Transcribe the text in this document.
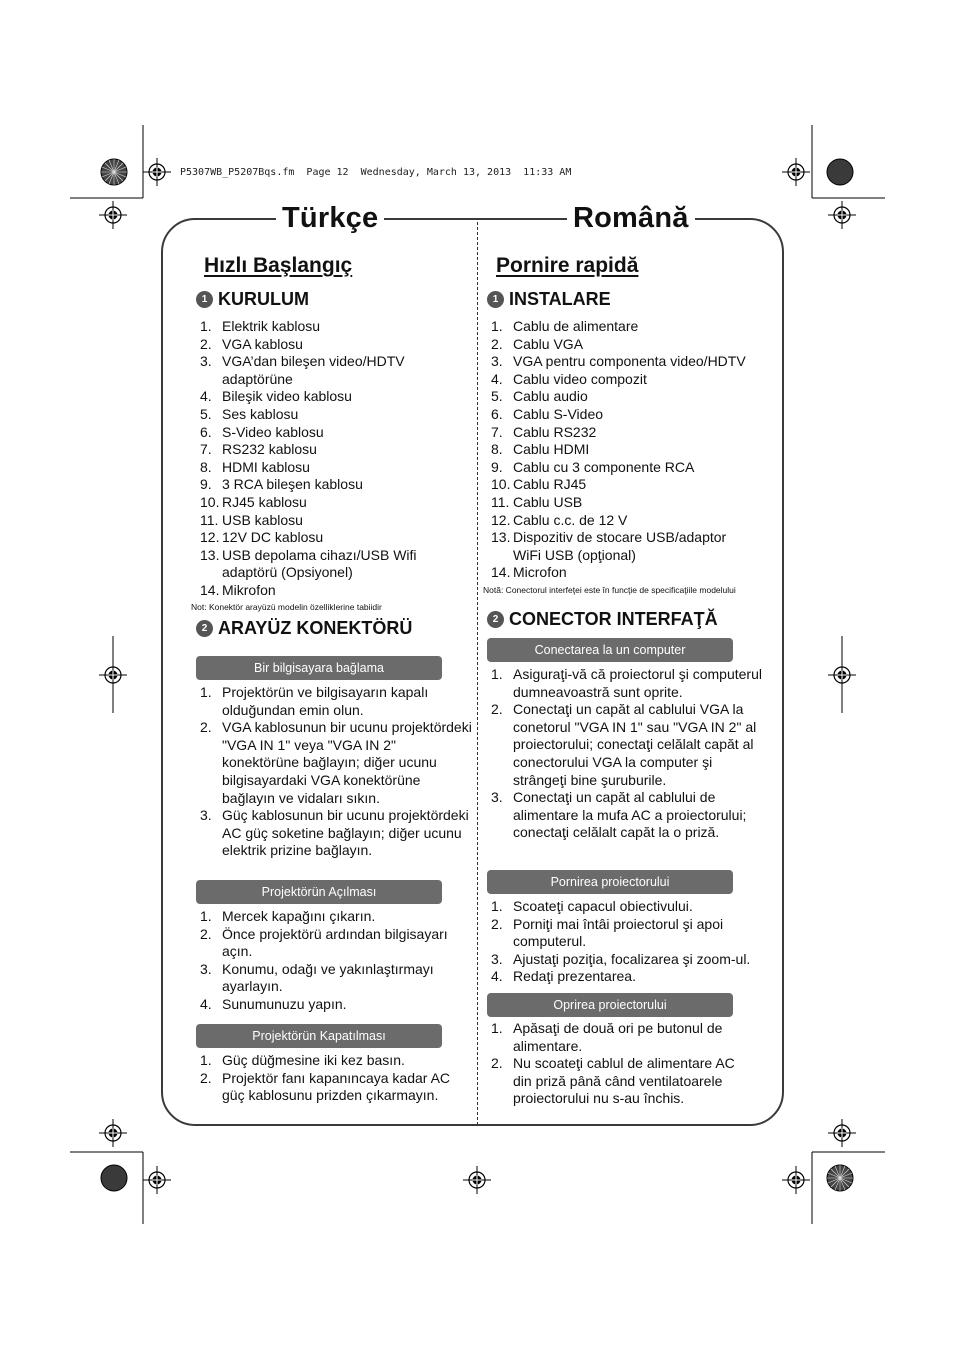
P5307WB_P5207Bqs.fm  Page 12  Wednesday, March 13, 2013  11:33 AM
Türkçe	Română
Hızlı Başlangıç
1 KURULUM
1. Elektrik kablosu
2. VGA kablosu
3. VGA’dan bileşen video/HDTV adaptörüne
4. Bileşik video kablosu
5. Ses kablosu
6. S-Video kablosu
7. RS232 kablosu
8. HDMI kablosu
9. 3 RCA bileşen kablosu
10. RJ45 kablosu
11. USB kablosu
12. 12V DC kablosu
13. USB depolama cihazı/USB Wifi adaptörü (Opsiyonel)
14. Mikrofon
Not: Konektör arayüzü modelin özelliklerine tabiidir
2 ARAYÜZ KONEKTÖRÜ
Bir bilgisayara bağlama
1. Projektörün ve bilgisayarın kapalı olduğundan emin olun.
2. VGA kablosunun bir ucunu projektördeki "VGA IN 1" veya "VGA IN 2" konektörüne bağlayın; diğer ucunu bilgisayardaki VGA konektörüne bağlayın ve vidaları sıkın.
3. Güç kablosunun bir ucunu projektördeki AC güç soketine bağlayın; diğer ucunu elektrik prizine bağlayın.
Projektörün Açılması
1. Mercek kapağını çıkarın.
2. Önce projektörü ardından bilgisayarı açın.
3. Konumu, odağı ve yakınlaştırmayı ayarlayın.
4. Sunumunuzu yapın.
Projektörün Kapatılması
1. Güç düğmesine iki kez basın.
2. Projektör fanı kapanıncaya kadar AC güç kablosunu prizden çıkarmayın.
Pornire rapidă
1 INSTALARE
1. Cablu de alimentare
2. Cablu VGA
3. VGA pentru componenta video/HDTV
4. Cablu video compozit
5. Cablu audio
6. Cablu S-Video
7. Cablu RS232
8. Cablu HDMI
9. Cablu cu 3 componente RCA
10. Cablu RJ45
11. Cablu USB
12. Cablu c.c. de 12 V
13. Dispozitiv de stocare USB/adaptor WiFi USB (opţional)
14. Microfon
Notă: Conectorul interfeţei este în funcţie de specificaţiile modelului
2 CONECTOR INTERFAŢĂ
Conectarea la un computer
1. Asiguraţi-vă că proiectorul şi computerul dumneavoastră sunt oprite.
2. Conectaţi un capăt al cablului VGA la conetorul "VGA IN 1" sau "VGA IN 2" al proiectorului; conectaţi celălalt capăt al conectorului VGA la computer şi strângeţi bine şuruburile.
3. Conectaţi un capăt al cablului de alimentare la mufa AC a proiectorului; conectaţi celălalt capăt la o priză.
Pornirea proiectorului
1. Scoateţi capacul obiectivului.
2. Porniţi mai întâi proiectorul şi apoi computerul.
3. Ajustaţi poziţia, focalizarea şi zoom-ul.
4. Redaţi prezentarea.
Oprirea proiectorului
1. Apăsaţi de două ori pe butonul de alimentare.
2. Nu scoateţi cablul de alimentare AC din priză până când ventilatoarele proiectorului nu s-au închis.
